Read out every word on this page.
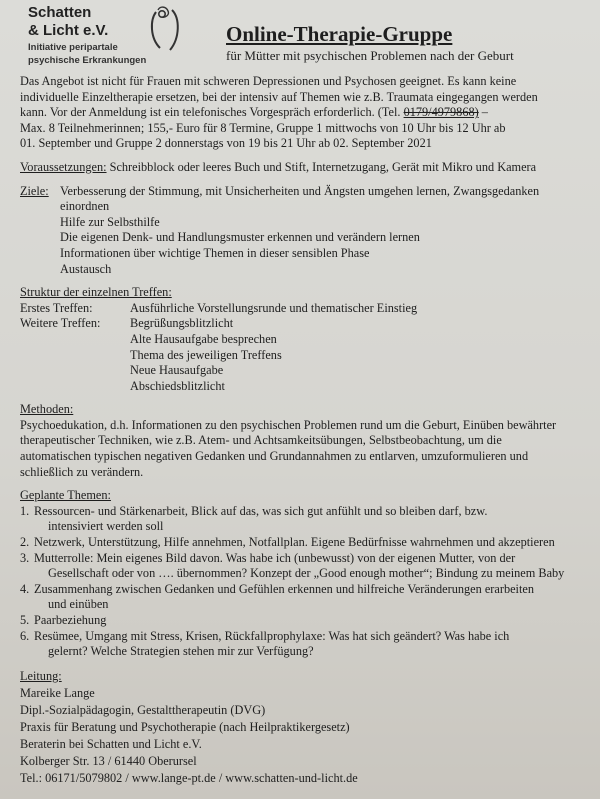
Schatten
& Licht e.V.
Initiative peripartale
psychische Erkrankungen
Online-Therapie-Gruppe
für Mütter mit psychischen Problemen nach der Geburt
Das Angebot ist nicht für Frauen mit schweren Depressionen und Psychosen geeignet. Es kann keine
individuelle Einzeltherapie ersetzen, bei der intensiv auf Themen wie z.B. Traumata eingegangen werden
kann. Vor der Anmeldung ist ein telefonisches Vorgespräch erforderlich. (Tel. 0179/4979868) –
Max. 8 Teilnehmerinnen; 155,- Euro für 8 Termine, Gruppe 1 mittwochs von 10 Uhr bis 12 Uhr ab
01. September und Gruppe 2 donnerstags von 19 bis 21 Uhr ab 02. September 2021
Voraussetzungen: Schreibblock oder leeres Buch und Stift, Internetzugang, Gerät mit Mikro und Kamera
Ziele: Verbesserung der Stimmung, mit Unsicherheiten und Ängsten umgehen lernen, Zwangsgedanken
einordnen
Hilfe zur Selbsthilfe
Die eigenen Denk- und Handlungsmuster erkennen und verändern lernen
Informationen über wichtige Themen in dieser sensiblen Phase
Austausch
Struktur der einzelnen Treffen:
Erstes Treffen:	Ausführliche Vorstellungsrunde und thematischer Einstieg
Weitere Treffen:	Begrüßungsblitzlicht
Alte Hausaufgabe besprechen
Thema des jeweiligen Treffens
Neue Hausaufgabe
Abschiedsblitzlicht
Methoden:
Psychoedukation, d.h. Informationen zu den psychischen Problemen rund um die Geburt, Einüben bewährter
therapeutischer Techniken, wie z.B. Atem- und Achtsamkeitsübungen, Selbstbeobachtung, um die
automatischen typischen negativen Gedanken und Grundannahmen zu entlarven, umzuformulieren und
schließlich zu verändern.
Geplante Themen:
1. Ressourcen- und Stärkenarbeit, Blick auf das, was sich gut anfühlt und so bleiben darf, bzw.
intensiviert werden soll
2. Netzwerk, Unterstützung, Hilfe annehmen, Notfallplan. Eigene Bedürfnisse wahrnehmen und akzeptieren
3. Mutterrolle: Mein eigenes Bild davon. Was habe ich (unbewusst) von der eigenen Mutter, von der
Gesellschaft oder von …. übernommen? Konzept der „Good enough mother“; Bindung zu meinem Baby
4. Zusammenhang zwischen Gedanken und Gefühlen erkennen und hilfreiche Veränderungen erarbeiten
und einüben
5. Paarbeziehung
6. Resümee, Umgang mit Stress, Krisen, Rückfallprophylaxe: Was hat sich geändert? Was habe ich
gelernt? Welche Strategien stehen mir zur Verfügung?
Leitung:
Mareike Lange
Dipl.-Sozialpädagogin, Gestalttherapeutin (DVG)
Praxis für Beratung und Psychotherapie (nach Heilpraktikergesetz)
Beraterin bei Schatten und Licht e.V.
Kolberger Str. 13 / 61440 Oberursel
Tel.: 06171/5079802 / www.lange-pt.de / www.schatten-und-licht.de
